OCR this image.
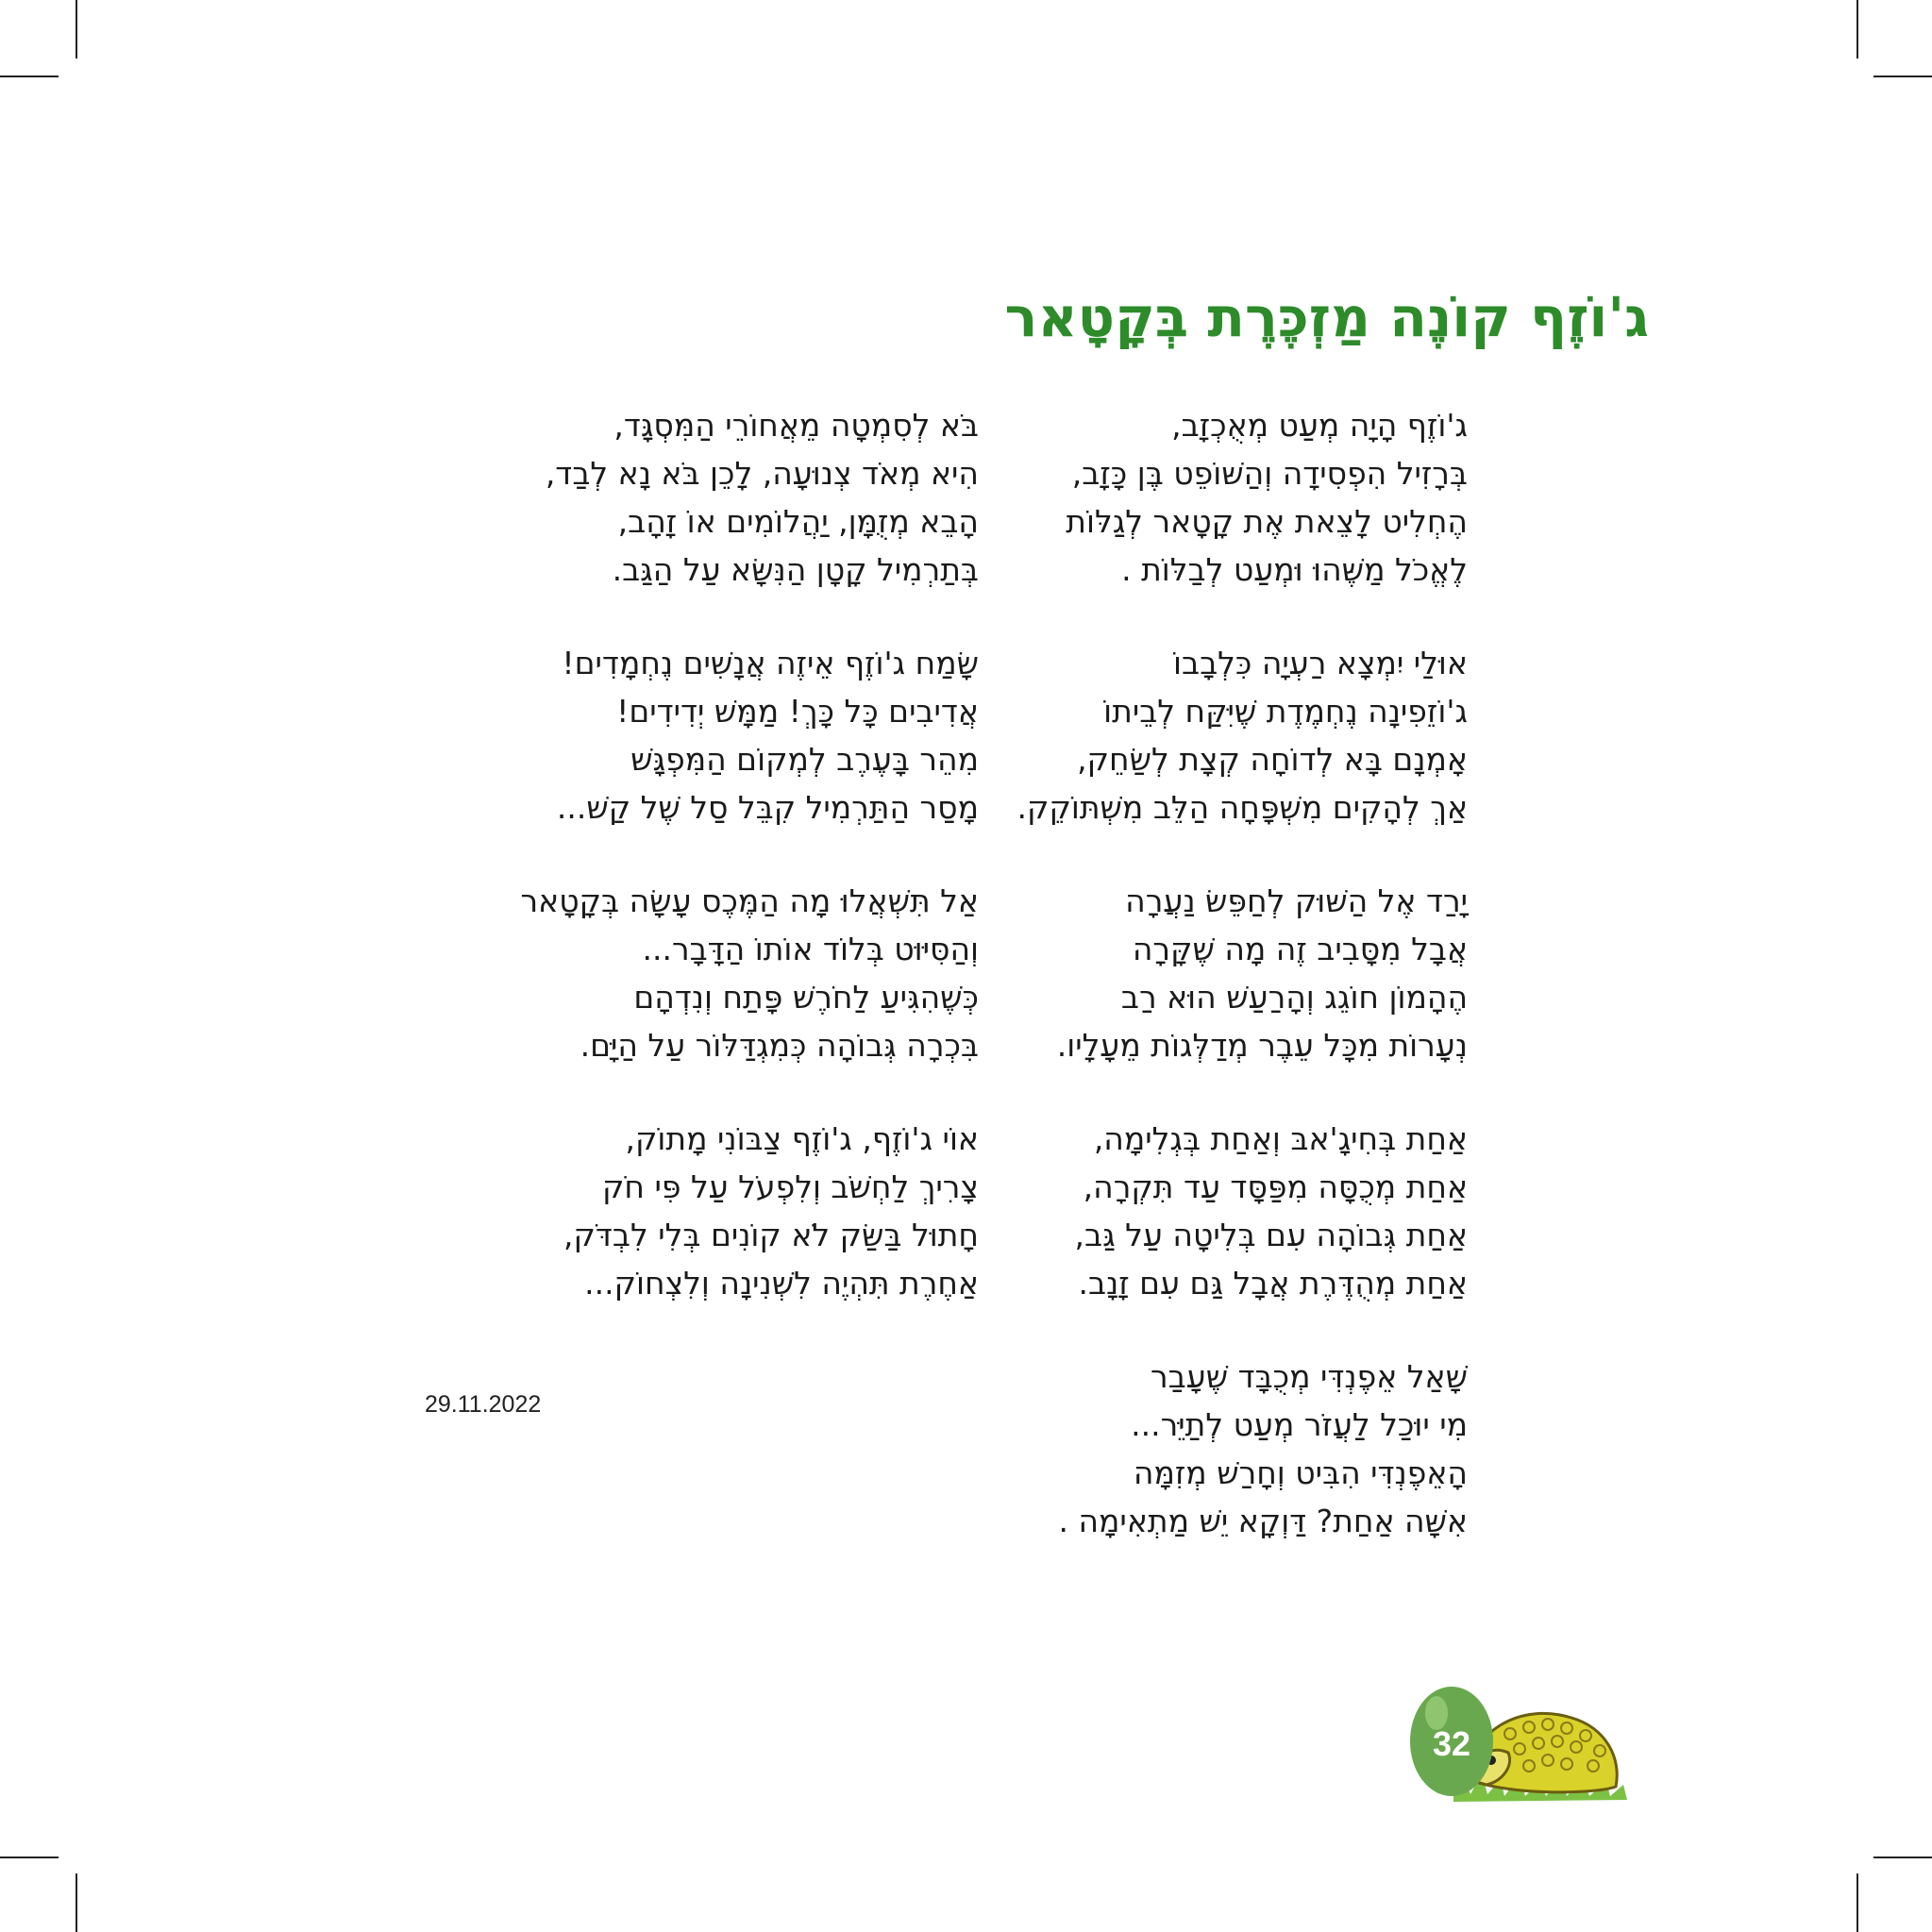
ג'וֹזֶף קוֹנֶה מַזְכֶּרֶת בְּקָטָאר
ג'וֹזֶף הָיָה מְעַט מְאֻכְזָב,
בְּרָזִיל הִפְסִידָה וְהַשּׁוֹפֵט בֶּן כָּזָב,
הֶחְלִיט לָצֵאת אֶת קָטָאר לְגַלּוֹת
לֶאֱכֹל מַשֶּׁהוּ וּמְעַט לְבַלּוֹת .
אוּלַי יִמְצָא רַעְיָה כִּלְבָבוֹ
ג'וֹזֵפִינָה נֶחְמֶדֶת שֶׁיִּקַּח לְבֵיתוֹ
אָמְנָם בָּא לְדוֹחָה קְצָת לְשַׂחֵק,
אַךְ לְהָקִים מִשְׁפָּחָה הַלֵּב מִשְׁתּוֹקֵק.
יָרַד אֶל הַשּׁוּק לְחַפֵּשׂ נַעֲרָה
אֲבָל מִסָּבִיב זֶה מָה שֶׁקָּרָה
הֶהָמוֹן חוֹגֵג וְהָרַעַשׁ הוּא רַב
נְעָרוֹת מִכָּל עֵבֶר מְדַלְּגוֹת מֵעָלָיו.
אַחַת בְּחִיגָ'אבּ וְאַחַת בְּגְלִימָה,
אַחַת מְכֻסָּה מִפַּסָּד עַד תִּקְרָה,
אַחַת גְּבוֹהָה עִם בְּלִיטָה עַל גַּב,
אַחַת מְהֻדֶּרֶת אֲבָל גַּם עִם זָנָב.
שָׁאַל אֵפֶנְדִּי מְכֻבָּד שֶׁעָבַר
מִי יוּכַל לַעֲזֹר מְעַט לְתַיֵּר...
הָאֵפֶנְדִּי הִבִּיט וְחָרַשׁ מְזִמָּה
אִשָּׁה אַחַת? דַּוְקָא יֵשׁ מַתְאִימָה .
בֹּא לְסִמְטָה מֵאֲחוֹרֵי הַמִּסְגָּד,
הִיא מְאֹד צְנוּעָה, לָכֵן בֹּא נָא לְבַד,
הָבֵא מְזֻמָּן, יַהֲלוֹמִים אוֹ זָהָב,
בְּתַרְמִיל קָטָן הַנִּשָּׂא עַל הַגַּב.
שָׂמַח ג'וֹזֶף אֵיזֶה אֲנָשִׁים נֶחְמָדִים!
אֲדִיבִים כָּל כָּךְ! מַמָּשׁ יְדִידִים!
מִהֵר בָּעֶרֶב לְמְקוֹם הַמִּפְגָּשׁ
מָסַר הַתַּרְמִיל קִבֵּל סַל שֶׁל קַשׁ...
אַל תִּשְׁאֲלוּ מָה הַמֶּכֶס עָשָׂה בְּקָטָאר
וְהַסִּיּוּט בְּלוֹד אוֹתוֹ הַדָּבָר...
כְּשֶׁהִגִּיעַ לַחֹרֶשׁ פָּתַח וְנִדְהָם
בִּכְרָה גְּבוֹהָה כְּמִגְדַּלּוֹר עַל הַיָּם.
אוֹי ג'וֹזֶף, ג'וֹזֶף צַבּוֹנִי מָתוֹק,
צָרִיךְ לַחְשֹׁב וְלִפְעֹל עַל פִּי חֹק
חָתוּל בַּשַּׂק לֹא קוֹנִים בְּלִי לִבְדֹּק,
אַחֶרֶת תִּהְיֶה לִשְׁנִינָה וְלִצְחוֹק...
29.11.2022
32
